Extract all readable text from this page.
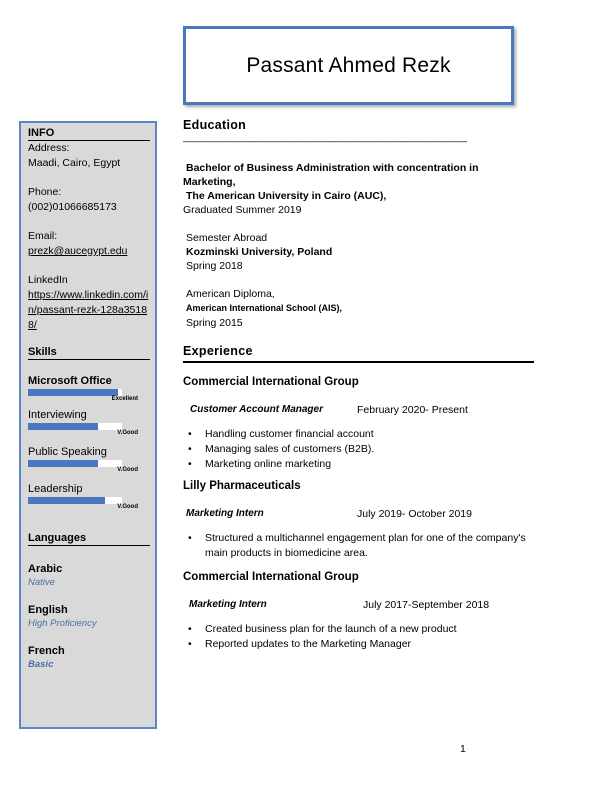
Passant Ahmed Rezk
INFO
Address:
Maadi, Cairo, Egypt
Phone:
(002)01066685173
Email:
prezk@aucegypt.edu
LinkedIn
https://www.linkedin.com/in/passant-rezk-128a35188/
Skills
Microsoft Office
Excellent
Interviewing
V.Good
Public Speaking
V.Good
Leadership
V.Good
Languages
Arabic
Native
English
High Proficiency
French
Basic
Education
________________________________________________________
Bachelor of Business Administration with concentration in
Marketing,
The American University in Cairo (AUC),
Graduated Summer 2019
Semester Abroad
Kozminski University, Poland
Spring 2018
American Diploma,
American International School (AIS),
Spring 2015
Experience
Commercial International Group
Customer Account Manager	February 2020- Present
• Handling customer financial account
• Managing sales of customers (B2B).
• Marketing online marketing
Lilly Pharmaceuticals
Marketing Intern	July 2019- October 2019
• Structured a multichannel engagement plan for one of the company's main products in biomedicine area.
Commercial International Group
Marketing Intern	July 2017-September 2018
• Created business plan for the launch of a new product
• Reported updates to the Marketing Manager
1
